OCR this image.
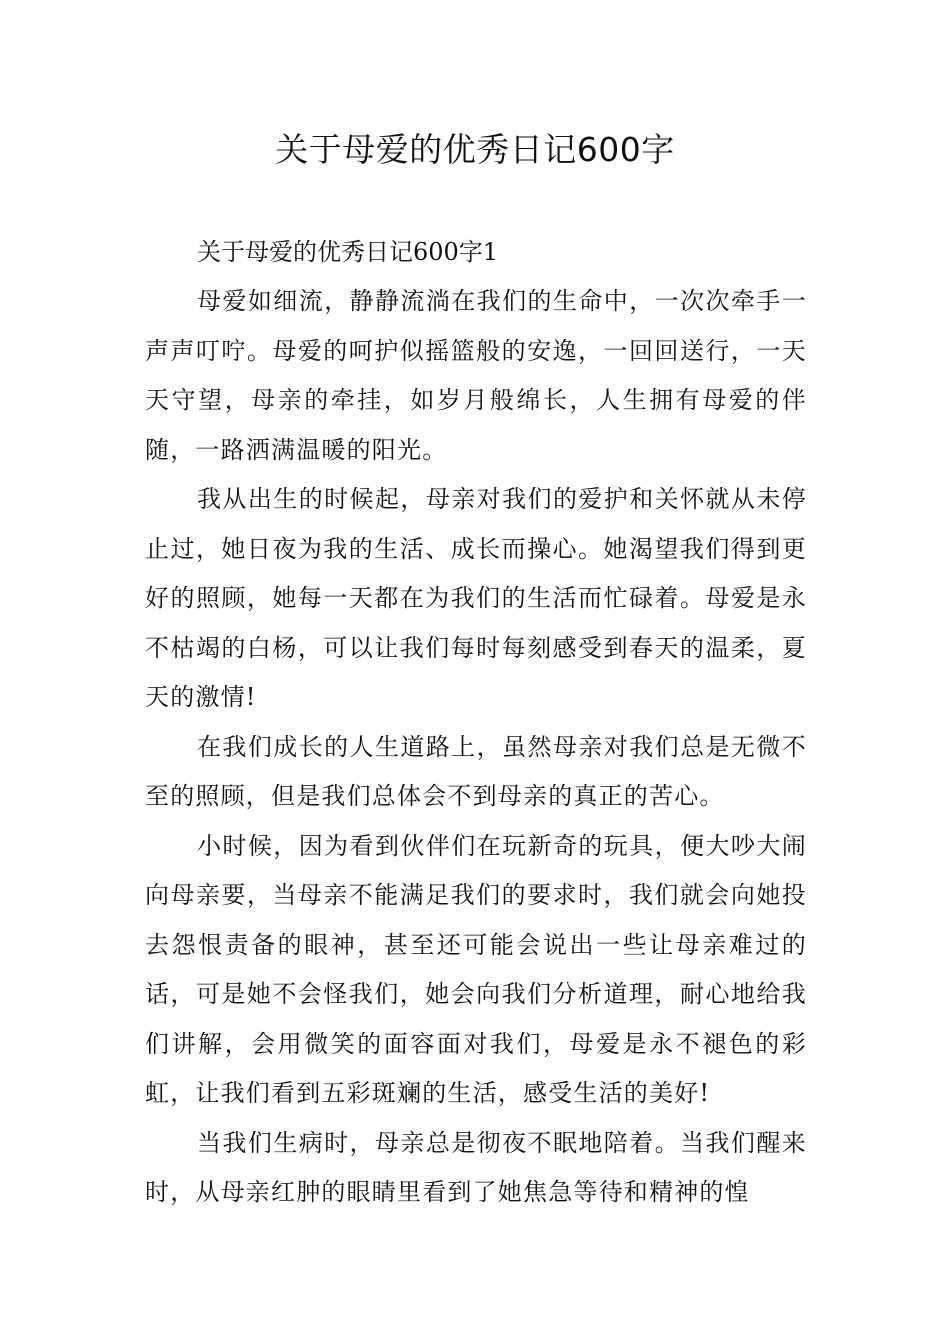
关于母爱的优秀日记600字

关于母爱的优秀日记600字1

母爱如细流，静静流淌在我们的生命中，一次次牵手一声声叮咛。母爱的呵护似摇篮般的安逸，一回回送行，一天天守望，母亲的牵挂，如岁月般绵长，人生拥有母爱的伴随，一路洒满温暖的阳光。

我从出生的时候起，母亲对我们的爱护和关怀就从未停止过，她日夜为我的生活、成长而操心。她渴望我们得到更好的照顾，她每一天都在为我们的生活而忙碌着。母爱是永不枯竭的白杨，可以让我们每时每刻感受到春天的温柔，夏天的激情!

在我们成长的人生道路上，虽然母亲对我们总是无微不至的照顾，但是我们总体会不到母亲的真正的苦心。

小时候，因为看到伙伴们在玩新奇的玩具，便大吵大闹向母亲要，当母亲不能满足我们的要求时，我们就会向她投去怨恨责备的眼神，甚至还可能会说出一些让母亲难过的话，可是她不会怪我们，她会向我们分析道理，耐心地给我们讲解，会用微笑的面容面对我们，母爱是永不褪色的彩虹，让我们看到五彩斑斓的生活，感受生活的美好!

当我们生病时，母亲总是彻夜不眠地陪着。当我们醒来时，从母亲红肿的眼睛里看到了她焦急等待和精神的惶
